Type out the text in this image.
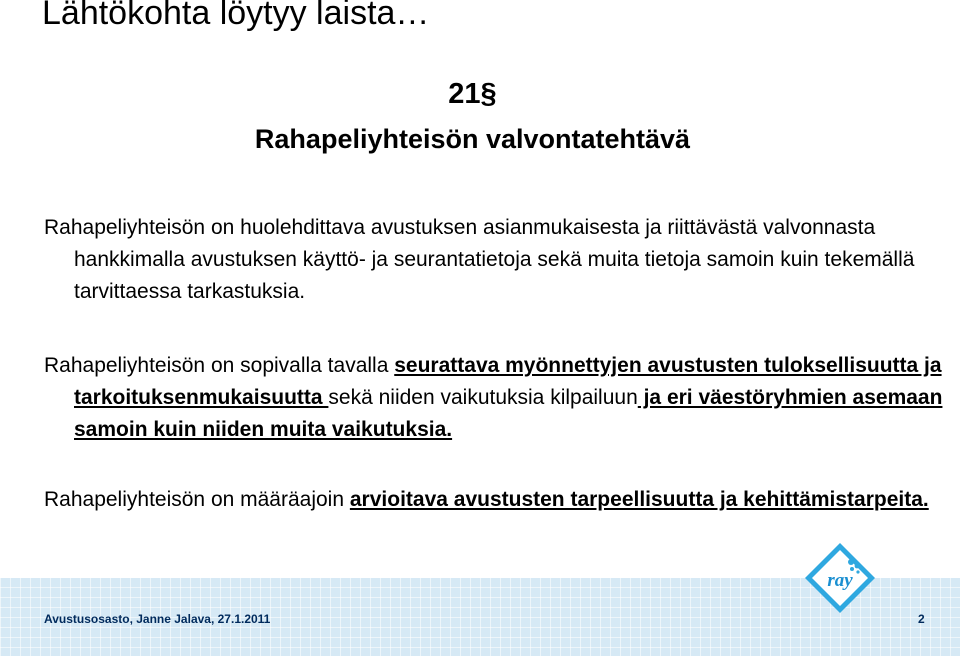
Lähtökohta löytyy laista…
21§
Rahapeliyhteisön valvontatehtävä

Rahapeliyhteisön on huolehdittava avustuksen asianmukaisesta ja riittävästä valvonnasta hankkimalla avustuksen käyttö- ja seurantatietoja sekä muita tietoja samoin kuin tekemällä tarvittaessa tarkastuksia.

Rahapeliyhteisön on sopivalla tavalla seurattava myönnettyjen avustusten tuloksellisuutta ja tarkoituksenmukaisuutta sekä niiden vaikutuksia kilpailuun ja eri väestöryhmien asemaan samoin kuin niiden muita vaikutuksia.

Rahapeliyhteisön on määräajoin arvioitava avustusten tarpeellisuutta ja kehittämistarpeita.

ray
Avustusosasto, Janne Jalava, 27.1.2011	2
